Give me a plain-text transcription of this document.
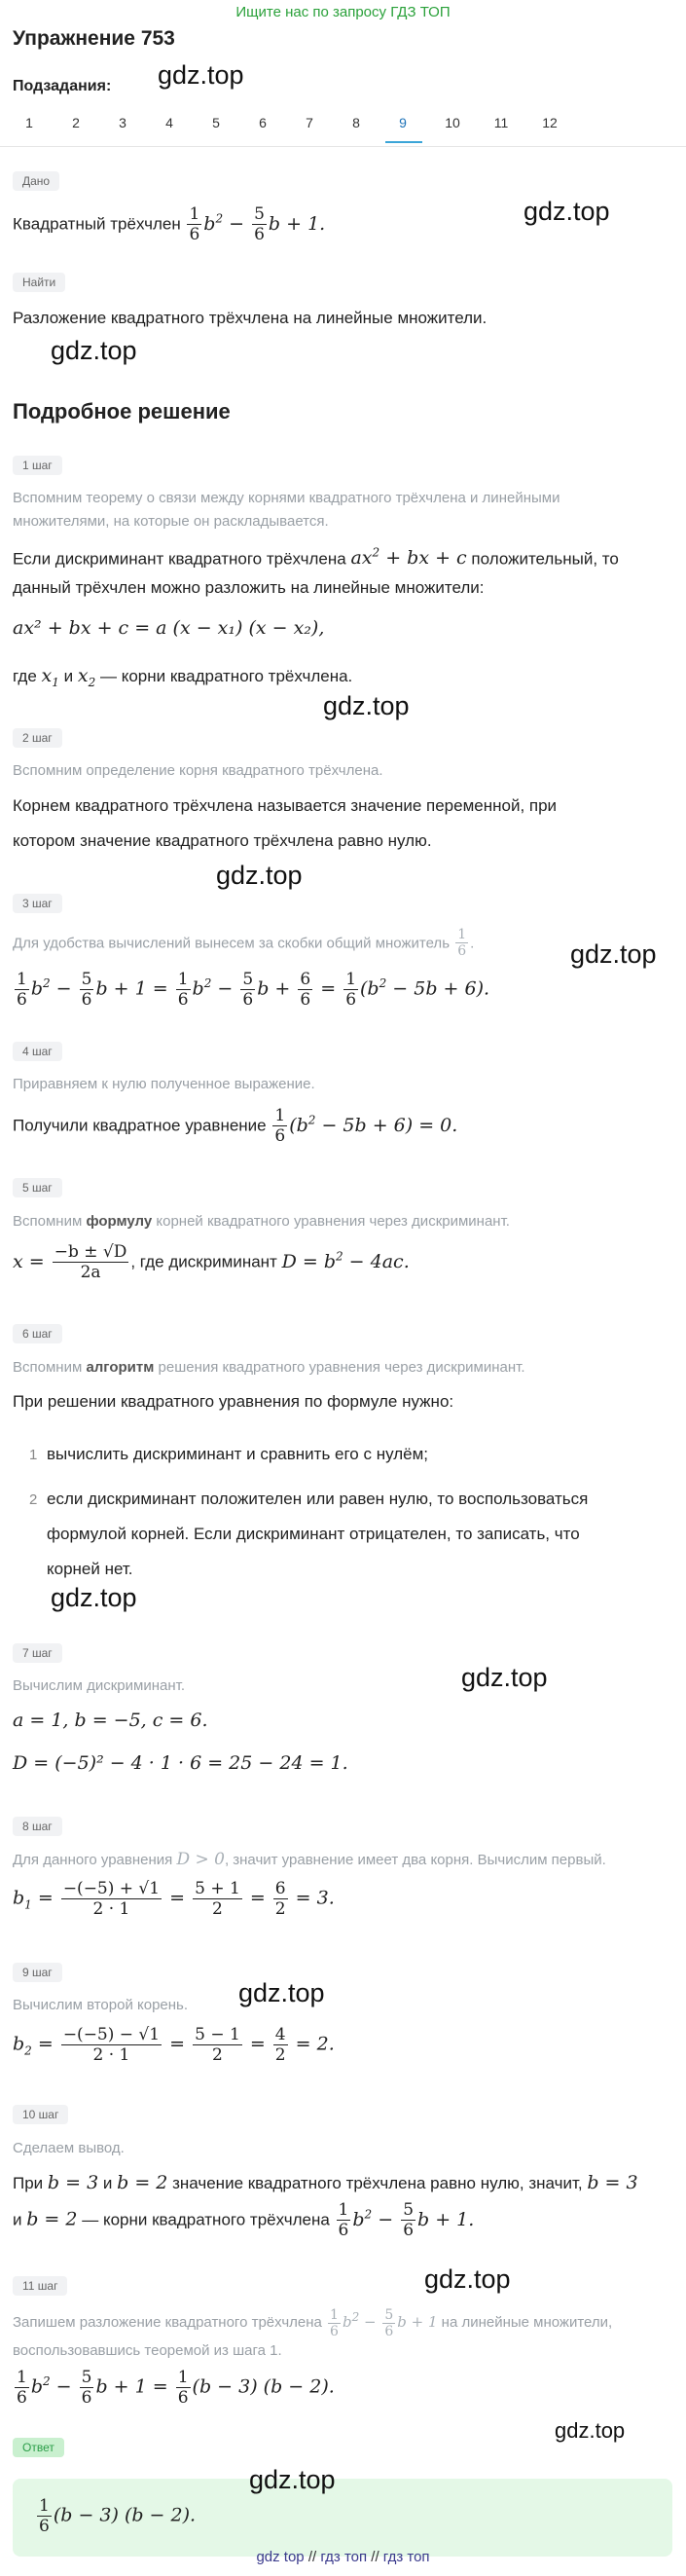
Ищите нас по запросу ГДЗ ТОП
Упражнение 753
Подзадания: gdz.top
1	2	3	4	5	6	7	8	9	10	11	12
Дано
Квадратный трёхчлен $\frac{1}{6} b^2 - \frac{5}{6}$ b + 1.	gdz.top
Найти
Разложение квадратного трёхчлена на линейные множители.
gdz.top
Подробное решение
1 шаг
Вспомним теорему о связи между корнями квадратного трёхчлена и линейными множителями, на которые он раскладывается.
Если дискриминант квадратного трёхчлена $ax^2$ + bx + c положительный, то
данный трёхчлен можно разложить на линейные множители:
ax² + bx + c = a (x − x₁) (x − x₂),
где $x_1$ и $x_2$ — корни квадратного трёхчлена.
gdz.top
2 шаг
Вспомним определение корня квадратного трёхчлена.
Корнем квадратного трёхчлена называется значение переменной, при
котором значение квадратного трёхчлена равно нулю.
gdz.top
3 шаг
Для удобства вычислений вынесем за скобки общий множитель $\frac{1}{6}$ .	gdz.top
$\frac{1}{6} b^2 - \frac{5}{6}$ $b + 1 = \frac{1}{6} b^2 - \frac{5}{6}$ $b + \frac{6}{6} = \frac{1}{6} (b^2 - 5b + 6)$.
4 шаг
Приравняем к нулю полученное выражение.
Получили квадратное уравнение $\frac{1}{6} (b^2 - 5b + 6) = 0$.
5 шаг
Вспомним формулу корней квадратного уравнения через дискриминант.
$x = \frac{-b \pm √D}{2a}$ , где дискриминант $D = b^2 - 4ac$.
6 шаг
Вспомним алгоритм решения квадратного уравнения через дискриминант.
При решении квадратного уравнения по формуле нужно:
1 вычислить дискриминант и сравнить его с нулём;
2 если дискриминант положителен или равен нулю, то воспользоваться
формулой корней. Если дискриминант отрицателен, то записать, что
корней нет.
gdz.top
7 шаг
gdz.top
Вычислим дискриминант.
a = 1, b = −5, c = 6.
D = (−5)² − 4 · 1 · 6 = 25 − 24 = 1.
8 шаг
Для данного уравнения D > 0, значит уравнение имеет два корня. Вычислим первый.
$b_1 = \frac{-(-5) + √1}{2 \cdot 1} = \frac{5 + 1}{2} = \frac{6}{2} = 3$.
9 шаг
gdz.top
Вычислим второй корень.
$b_2 = \frac{-(-5) - √1}{2 \cdot 1} = \frac{5 - 1}{2} = \frac{4}{2} = 2$.
10 шаг
Сделаем вывод.
При b = 3 и b = 2 значение квадратного трёхчлена равно нулю, значит, b = 3
и b = 2 — корни квадратного трёхчлена $\frac{1}{6} b^2 - \frac{5}{6}$ b + 1.
11 шаг	gdz.top
Запишем разложение квадратного трёхчлена $\frac{1}{6} b^2 - \frac{5}{6}$ b + 1 на линейные множители,
воспользовавшись теоремой из шага 1.
$\frac{1}{6} b^2 - \frac{5}{6}$ $b + 1 = \frac{1}{6} (b - 3) (b - 2)$.
gdz.top
Ответ
gdz.top
$\frac{1}{6} (b - 3) (b - 2)$.
gdz top // гдз топ // гдз топ
